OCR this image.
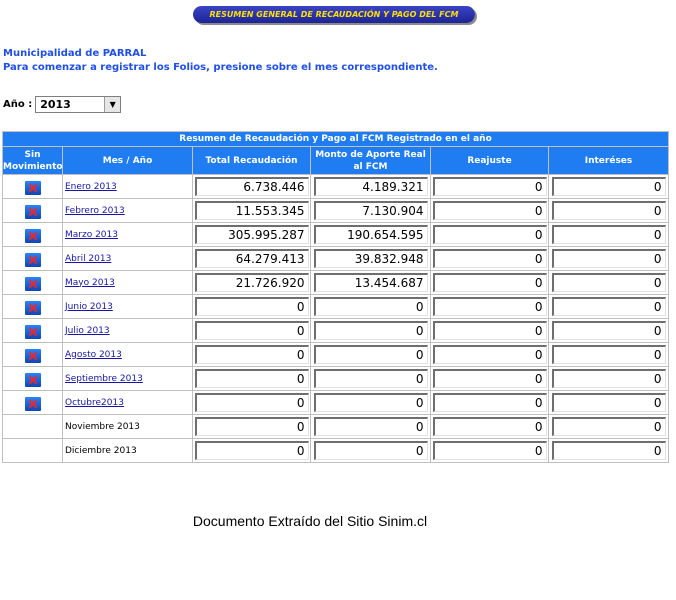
RESUMEN GENERAL DE RECAUDACIÓN Y PAGO DEL FCM
Municipalidad de PARRAL
Para comenzar a registrar los Folios, presione sobre el mes correspondiente.
Año : 2013	▼
Resumen de Recaudación y Pago al FCM Registrado en el año					
Sin Movimiento	Mes / Año	Total Recaudación	Monto de Aporte Real al FCM	Reajuste	Interéses
	Enero 2013	6.738.446	4.189.321	0	0

	Febrero 2013	11.553.345	7.130.904	0	0

	Marzo 2013	305.995.287	190.654.595	0	0

	Abril 2013	64.279.413	39.832.948	0	0

	Mayo 2013	21.726.920	13.454.687	0	0

	Junio 2013	0	0	0	0

	Julio 2013	0	0	0	0

	Agosto 2013	0	0	0	0

	Septiembre 2013	0	0	0	0

	Octubre2013	0	0	0	0

	Noviembre 2013	0	0	0	0

	Diciembre 2013	0	0	0	0
Documento Extraído del Sitio Sinim.cl
